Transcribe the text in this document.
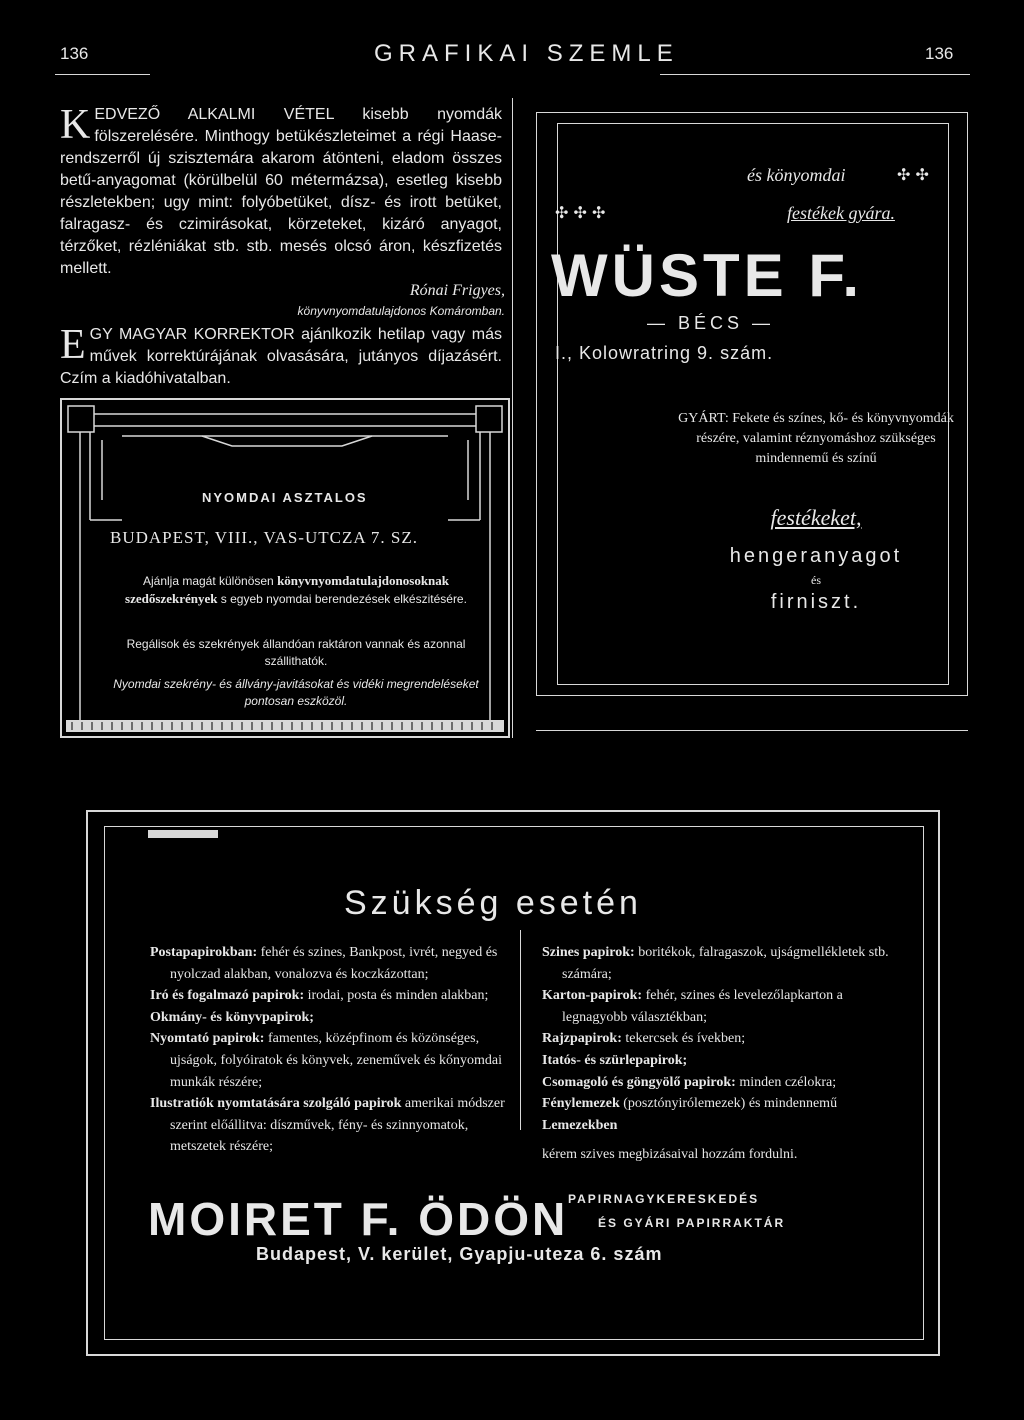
136	GRAFIKAI SZEMLE	136
KEDVEZŐ ALKALMI VÉTEL kisebb nyomdák fölszerelésére. Minthogy betükészleteimet a régi Haase-rendszerről új szisztemára akarom átönteni, eladom összes betű-anyagomat (körülbelül 60 métermázsa), esetleg kisebb részletekben; ugy mint: folyóbetüket, dísz- és irott betüket, falragasz- és czimirásokat, körzeteket, kizáró anyagot, térzőket, rézléniákat stb. stb. mesés olcsó áron, készfizetés mellett.
Rónai Frigyes,
könyvnyomdatulajdonos Komáromban.
EGY MAGYAR KORREKTOR ajánlkozik hetilap vagy más művek korrektúrájának olvasására, jutányos díjazásért. Czím a kiadóhivatalban.
NYOMDAI ASZTALOS
BUDAPEST, VIII., VAS-UTCZA 7. SZ.
Ajánlja magát különösen könyvnyomdatulajdonosoknak szedőszekrények s egyeb nyomdai berendezések elkészitésére.
Regálisok és szekrények állandóan raktáron vannak és azonnal szállithatók.
Nyomdai szekrény- és állvány-javitásokat és vidéki megrendeléseket pontosan eszközöl.
és könyomdai	✣ ✣
✣ ✣ ✣	festékek gyára.
WÜSTE F.
— BÉCS —
I., Kolowratring 9. szám.
GYÁRT: Fekete és színes, kő- és könyvnyomdák részére, valamint réznyomáshoz szükséges mindennemű és színű
festékeket,
hengeranyagot
és
firniszt.
Szükség esetén
Postapapirokban: fehér és szines, Bankpost, ivrét, negyed és nyolczad alakban, vonalozva és koczkázottan;
Iró és fogalmazó papirok: irodai, posta és minden alakban;
Okmány- és könyvpapirok;
Nyomtató papirok: famentes, középfinom és közönséges, ujságok, folyóiratok és könyvek, zeneművek és kőnyomdai munkák részére;
Ilustratiók nyomtatására szolgáló papirok amerikai módszer szerint előállitva: díszművek, fény- és szinnyomatok, metszetek részére;
Szines papirok: boritékok, falragaszok, ujságmellékletek stb. számára;
Karton-papirok: fehér, szines és levelezőlapkarton a legnagyobb választékban;
Rajzpapirok: tekercsek és ívekben;
Itatós- és szürlepapirok;
Csomagoló és göngyölő papirok: minden czélokra;
Fénylemezek (posztónyirólemezek) és mindennemű
Lemezekben
kérem szives megbizásaival hozzám fordulni.
MOIRET F. ÖDÖN PAPIRNAGYKERESKEDÉS
ÉS GYÁRI PAPIRRAKTÁR
Budapest, V. kerület, Gyapju-uteza 6. szám
